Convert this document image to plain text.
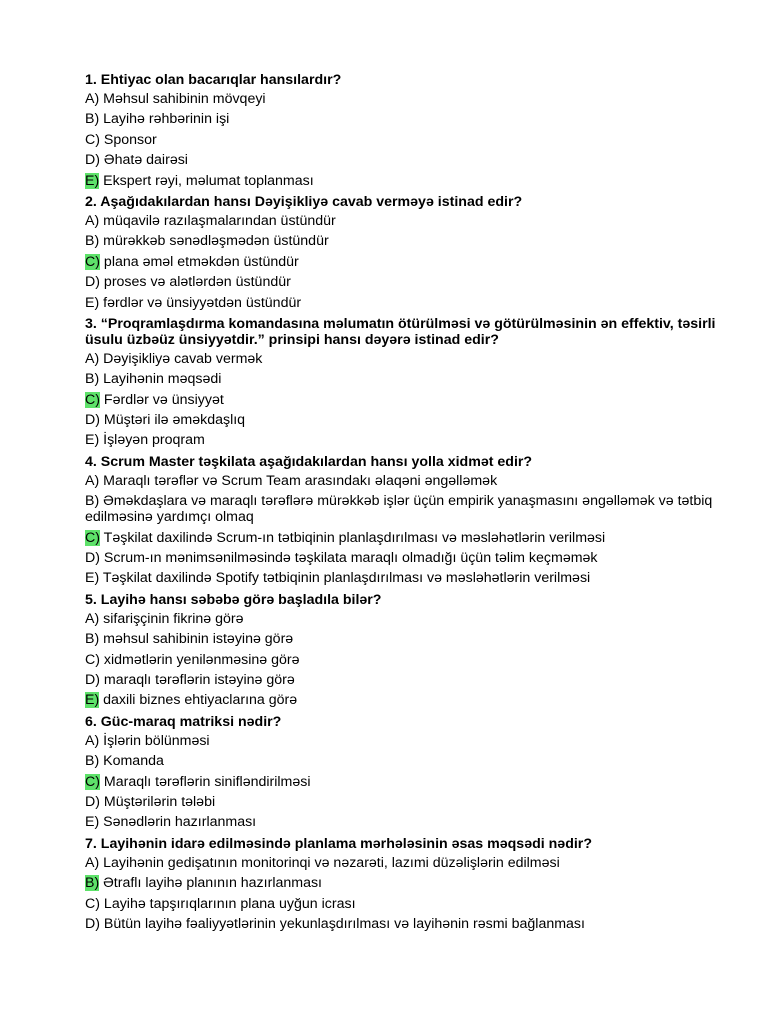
1. Ehtiyac olan bacarıqlar hansılardır?

A) Məhsul sahibinin mövqeyi

B) Layihə rəhbərinin işi

C) Sponsor

D) Əhatə dairəsi

E) Ekspert rəyi, məlumat toplanması

2. Aşağıdakılardan hansı Dəyişikliyə cavab verməyə istinad edir?

A) müqavilə razılaşmalarından üstündür

B) mürəkkəb sənədləşmədən üstündür

C) plana əməl etməkdən üstündür

D) proses və alətlərdən üstündür

E) fərdlər və ünsiyyətdən üstündür

3. “Proqramlaşdırma komandasına məlumatın ötürülməsi və götürülməsinin ən effektiv, təsirli üsulu üzbəüz ünsiyyətdir.” prinsipi hansı dəyərə istinad edir?

A) Dəyişikliyə cavab vermək

B) Layihənin məqsədi

C) Fərdlər və ünsiyyət

D) Müştəri ilə əməkdaşlıq

E) İşləyən proqram

4. Scrum Master təşkilata aşağıdakılardan hansı yolla xidmət edir?

A) Maraqlı tərəflər və Scrum Team arasındakı əlaqəni əngəlləmək

B) Əməkdaşlara və maraqlı tərəflərə mürəkkəb işlər üçün empirik yanaşmasını əngəlləmək və tətbiq edilməsinə yardımçı olmaq

C) Təşkilat daxilində Scrum-ın tətbiqinin planlaşdırılması və məsləhətlərin verilməsi

D) Scrum-ın mənimsənilməsində təşkilata maraqlı olmadığı üçün təlim keçməmək

E) Təşkilat daxilində Spotify tətbiqinin planlaşdırılması və məsləhətlərin verilməsi

5. Layihə hansı səbəbə görə başladıla bilər?

A) sifarişçinin fikrinə görə

B) məhsul sahibinin istəyinə görə

C) xidmətlərin yenilənməsinə görə

D) maraqlı tərəflərin istəyinə görə

E) daxili biznes ehtiyaclarına görə

6. Güc-maraq matriksi nədir?

A) İşlərin bölünməsi

B) Komanda

C) Maraqlı tərəflərin sinifləndirilməsi

D) Müştərilərin tələbi

E) Sənədlərin hazırlanması

7. Layihənin idarə edilməsində planlama mərhələsinin əsas məqsədi nədir?

A) Layihənin gedişatının monitorinqi və nəzarəti, lazımi düzəlişlərin edilməsi

B) Ətraflı layihə planının hazırlanması

C) Layihə tapşırıqlarının plana uyğun icrası

D) Bütün layihə fəaliyyətlərinin yekunlaşdırılması və layihənin rəsmi bağlanması
